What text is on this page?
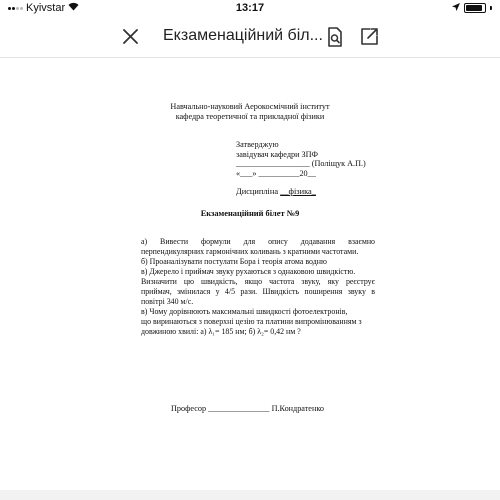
Kyivstar	13:17
Екзаменаційний біл...
Навчально-науковий Аерокосмічний інститут
кафедра теоретичної та прикладної фізики
Затверджую
завідувач кафедри ЗПФ
__________________ (Поліщук А.П.)
«___» __________20__
Дисципліна __фізика_
Екзаменаційний білет №9
а) Вивести формули для опису додавання взаємно
перпендикулярних гармонічних коливань з кратними частотами.
б) Проаналізувати постулати Бора і теорія атома водню
в) Джерело і приймач звуку рухаються з однаковою швидкістю.
Визначити цю швидкість, якщо частота звуку, яку реєструє
приймач, змінилася у 4/5 рази. Швидкість поширення звуку в
повітрі 340 м/с.
в) Чому дорівнюють максимальні швидкості фотоелектронів,
що виринаються з поверхні цезію та платини випромінюванням з
довжиною хвилі: а) λ₁= 185 нм; б) λ₂= 0,42 нм ?
Професор _______________ П.Кондратенко
